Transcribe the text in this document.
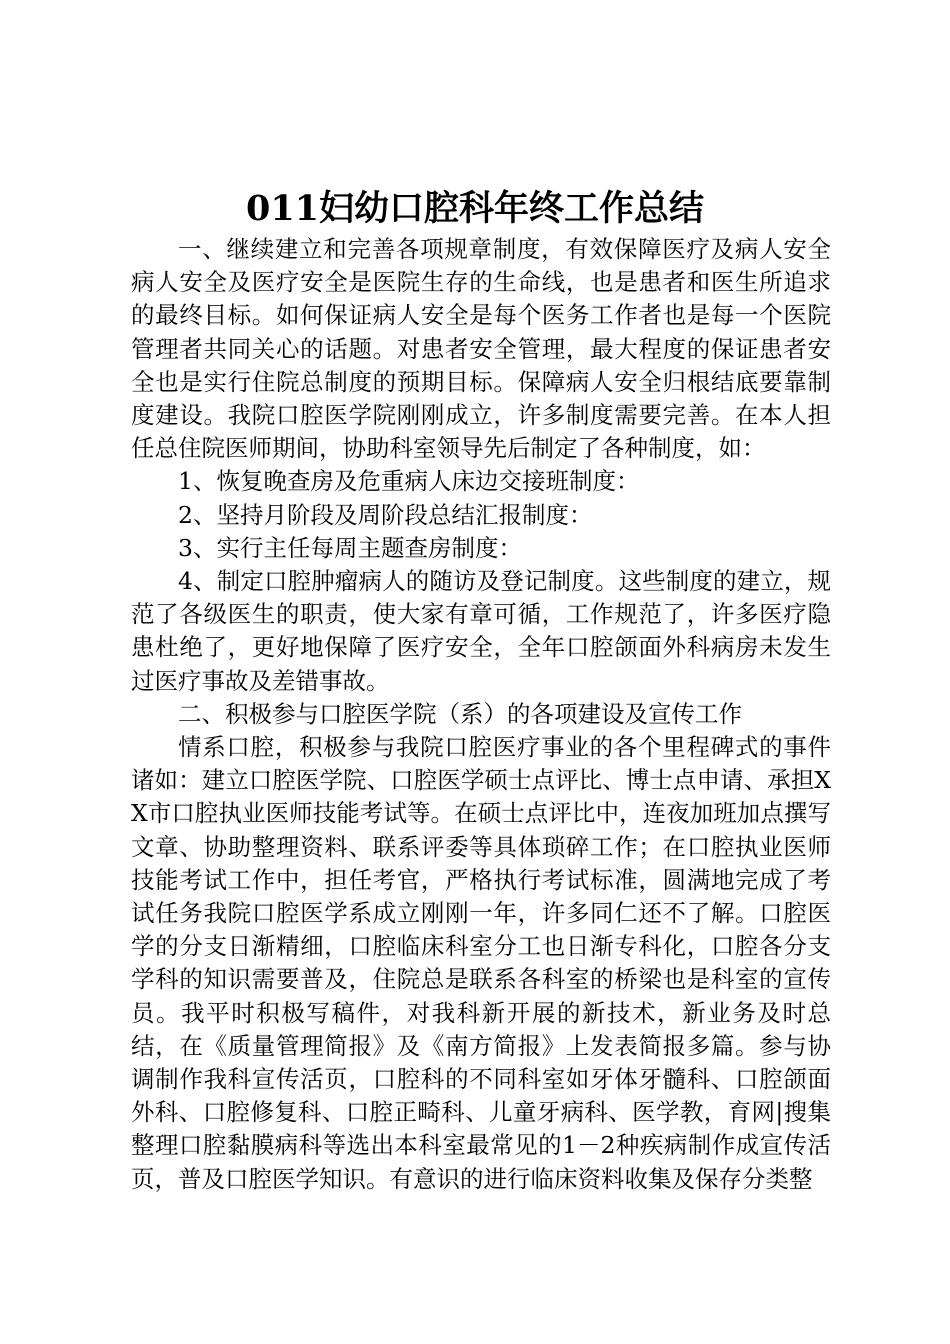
011妇幼口腔科年终工作总结

一、继续建立和完善各项规章制度，有效保障医疗及病人安全病人安全及医疗安全是医院生存的生命线，也是患者和医生所追求的最终目标。如何保证病人安全是每个医务工作者也是每一个医院管理者共同关心的话题。对患者安全管理，最大程度的保证患者安全也是实行住院总制度的预期目标。保障病人安全归根结底要靠制度建设。我院口腔医学院刚刚成立，许多制度需要完善。在本人担任总住院医师期间，协助科室领导先后制定了各种制度，如：

1、恢复晚查房及危重病人床边交接班制度：

2、坚持月阶段及周阶段总结汇报制度：

3、实行主任每周主题查房制度：

4、制定口腔肿瘤病人的随访及登记制度。这些制度的建立，规范了各级医生的职责，使大家有章可循，工作规范了，许多医疗隐患杜绝了，更好地保障了医疗安全，全年口腔颌面外科病房未发生过医疗事故及差错事故。

二、积极参与口腔医学院（系）的各项建设及宣传工作

情系口腔，积极参与我院口腔医疗事业的各个里程碑式的事件诸如：建立口腔医学院、口腔医学硕士点评比、博士点申请、承担XX市口腔执业医师技能考试等。在硕士点评比中，连夜加班加点撰写文章、协助整理资料、联系评委等具体琐碎工作；在口腔执业医师技能考试工作中，担任考官，严格执行考试标准，圆满地完成了考试任务我院口腔医学系成立刚刚一年，许多同仁还不了解。口腔医学的分支日渐精细，口腔临床科室分工也日渐专科化，口腔各分支学科的知识需要普及，住院总是联系各科室的桥梁也是科室的宣传员。我平时积极写稿件，对我科新开展的新技术，新业务及时总结，在《质量管理简报》及《南方简报》上发表简报多篇。参与协调制作我科宣传活页，口腔科的不同科室如牙体牙髓科、口腔颌面外科、口腔修复科、口腔正畸科、儿童牙病科、医学教，育网|搜集整理口腔黏膜病科等选出本科室最常见的1－2种疾病制作成宣传活页，普及口腔医学知识。有意识的进行临床资料收集及保存分类整
